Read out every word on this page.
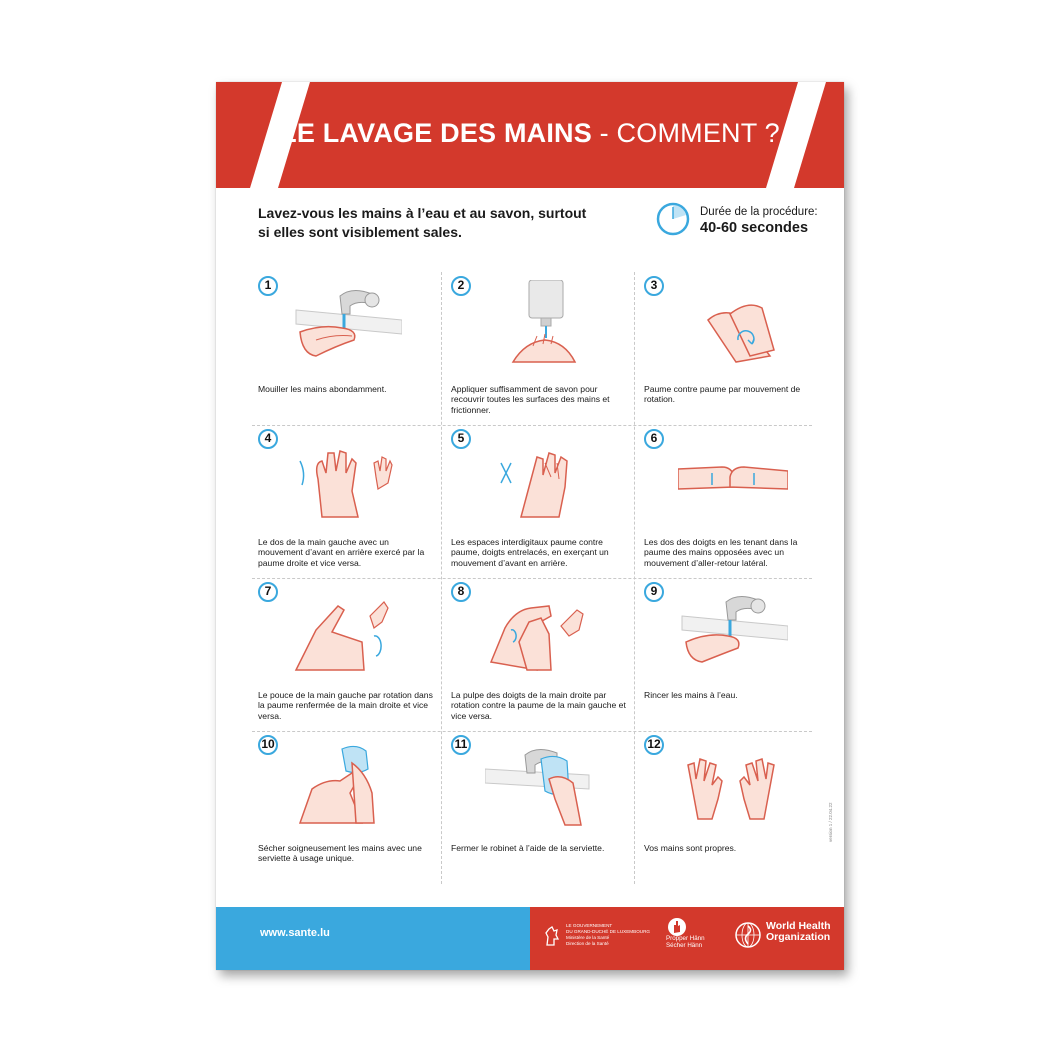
LE LAVAGE DES MAINS - COMMENT ?
Lavez-vous les mains à l’eau et au savon, surtout si elles sont visiblement sales.
Durée de la procédure:
40-60 secondes
1
Mouiller les mains abondamment.
2
Appliquer suffisamment de savon pour recouvrir toutes les surfaces des mains et frictionner.
3
Paume contre paume par mouvement de rotation.
4
Le dos de la main gauche avec un mouvement d’avant en arrière exercé par la paume droite et vice versa.
5
Les espaces interdigitaux paume contre paume, doigts entrelacés, en exerçant un mouvement d’avant en arrière.
6
Les dos des doigts en les tenant dans la paume des mains opposées avec un mouvement d’aller-retour latéral.
7
Le pouce de la main gauche par rotation dans la paume renfermée de la main droite et vice versa.
8
La pulpe des doigts de la main droite par rotation contre la paume de la main gauche et vice versa.
9
Rincer les mains à l’eau.
10
Sécher soigneusement les mains avec une serviette à usage unique.
11
Fermer le robinet à l’aide de la serviette.
12
Vos mains sont propres.
version 1 / 22.04.22
www.sante.lu
LE GOUVERNEMENT
DU GRAND-DUCHÉ DE LUXEMBOURG
Ministère de la Santé
Direction de la Santé
Propper Hänn
Sécher Hänn
World Health
Organization
